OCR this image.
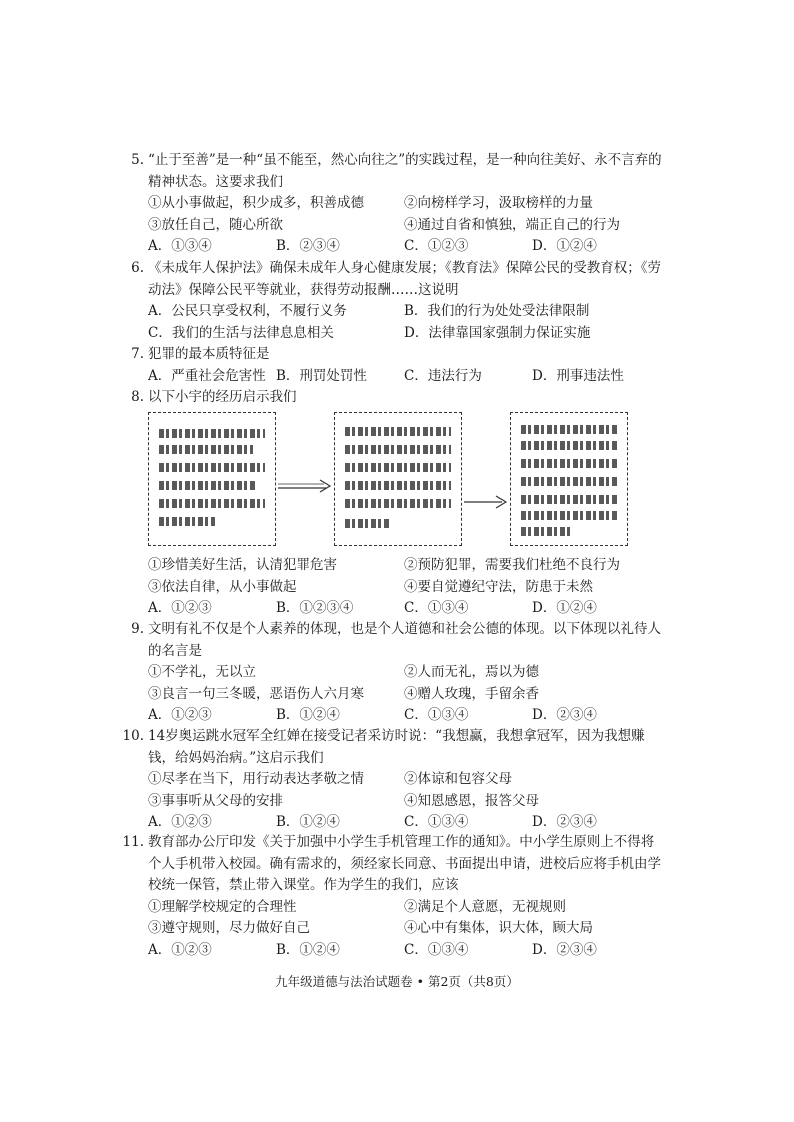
5. “止于至善”是一种“虽不能至，然心向往之”的实践过程，是一种向往美好、永不言弃的精神状态。这要求我们
①从小事做起，积少成多，积善成德	②向榜样学习，汲取榜样的力量
③放任自己，随心所欲	④通过自省和慎独，端正自己的行为
A．①③④	B．②③④	C．①②③	D．①②④
6. 《未成年人保护法》确保未成年人身心健康发展；《教育法》保障公民的受教育权；《劳动法》保障公民平等就业，获得劳动报酬……这说明
A．公民只享受权利，不履行义务	B．我们的行为处处受法律限制
C．我们的生活与法律息息相关	D．法律靠国家强制力保证实施
7. 犯罪的最本质特征是
A．严重社会危害性 B．刑罚处罚性	C．违法行为	D．刑事违法性
8. 以下小宇的经历启示我们
①珍惜美好生活，认清犯罪危害	②预防犯罪，需要我们杜绝不良行为
③依法自律，从小事做起	④要自觉遵纪守法，防患于未然
A．①②③	B．①②③④	C．①③④	D．①②④
9. 文明有礼不仅是个人素养的体现，也是个人道德和社会公德的体现。以下体现以礼待人的名言是
①不学礼，无以立	②人而无礼，焉以为德
③良言一句三冬暖，恶语伤人六月寒	④赠人玫瑰，手留余香
A．①②③	B．①②④	C．①③④	D．②③④
10. 14岁奥运跳水冠军全红婵在接受记者采访时说：“我想赢，我想拿冠军，因为我想赚钱，给妈妈治病。”这启示我们
①尽孝在当下，用行动表达孝敬之情	②体谅和包容父母
③事事听从父母的安排	④知恩感恩，报答父母
A．①②③	B．①②④	C．①③④	D．②③④
11. 教育部办公厅印发《关于加强中小学生手机管理工作的通知》。中小学生原则上不得将个人手机带入校园。确有需求的，须经家长同意、书面提出申请，进校后应将手机由学校统一保管，禁止带入课堂。作为学生的我们，应该
①理解学校规定的合理性	②满足个人意愿，无视规则
③遵守规则，尽力做好自己	④心中有集体，识大体，顾大局
A．①②③	B．①②④	C．①③④	D．②③④
九年级道德与法治试题卷 • 第2页（共8页）
